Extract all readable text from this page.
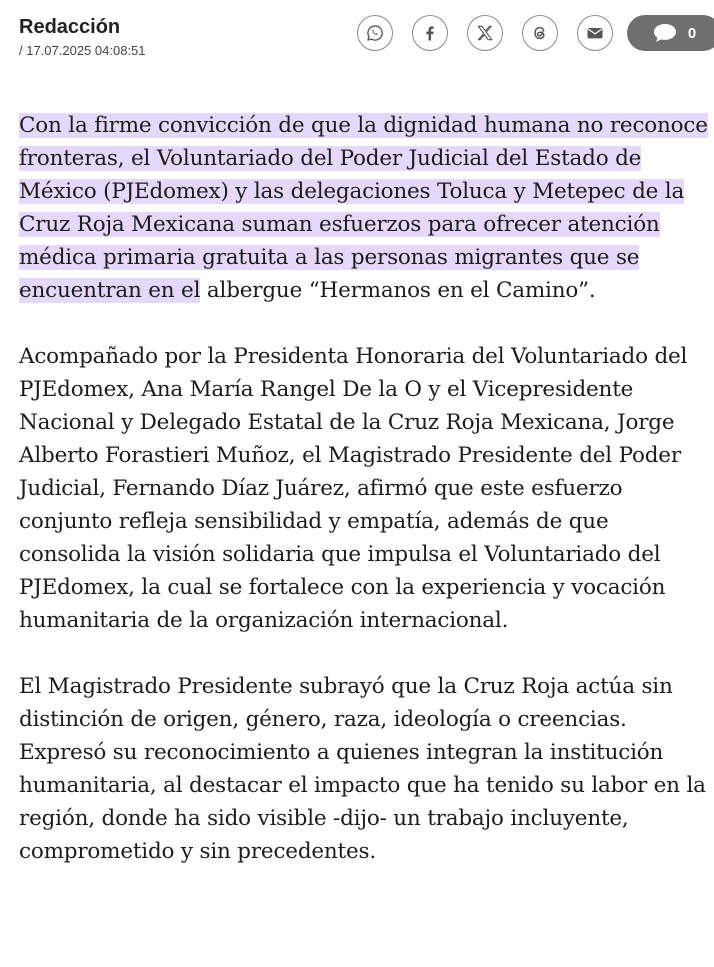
Redacción
/ 17.07.2025 04:08:51
0

Con la firme convicción de que la dignidad humana no reconoce fronteras, el Voluntariado del Poder Judicial del Estado de México (PJEdomex) y las delegaciones Toluca y Metepec de la Cruz Roja Mexicana suman esfuerzos para ofrecer atención médica primaria gratuita a las personas migrantes que se encuentran en el albergue “Hermanos en el Camino”.

Acompañado por la Presidenta Honoraria del Voluntariado del PJEdomex, Ana María Rangel De la O y el Vicepresidente Nacional y Delegado Estatal de la Cruz Roja Mexicana, Jorge Alberto Forastieri Muñoz, el Magistrado Presidente del Poder Judicial, Fernando Díaz Juárez, afirmó que este esfuerzo conjunto refleja sensibilidad y empatía, además de que consolida la visión solidaria que impulsa el Voluntariado del PJEdomex, la cual se fortalece con la experiencia y vocación humanitaria de la organización internacional.

El Magistrado Presidente subrayó que la Cruz Roja actúa sin distinción de origen, género, raza, ideología o creencias. Expresó su reconocimiento a quienes integran la institución humanitaria, al destacar el impacto que ha tenido su labor en la región, donde ha sido visible -dijo- un trabajo incluyente, comprometido y sin precedentes.
